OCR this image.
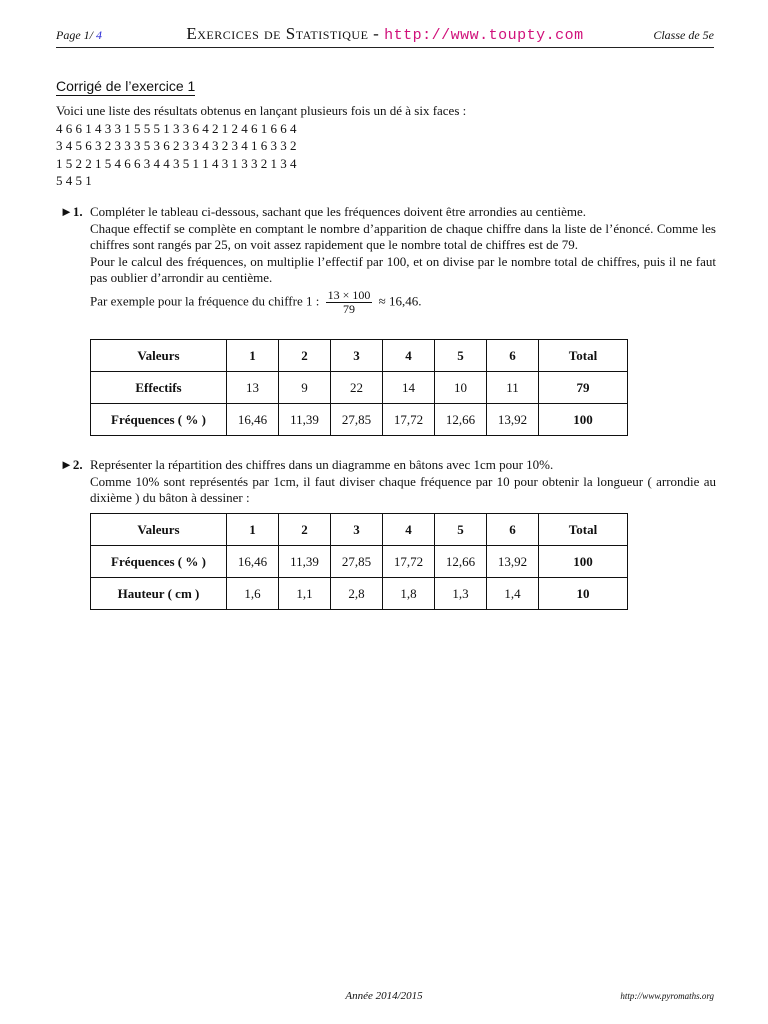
Page 1/ 4	Exercices de Statistique - http://www.toupty.com	Classe de 5e
Corrigé de l’exercice 1
Voici une liste des résultats obtenus en lançant plusieurs fois un dé à six faces :
4 6 6 1 4 3 3 1 5 5 5 1 3 3 6 4 2 1 2 4 6 1 6 6 4
3 4 5 6 3 2 3 3 3 5 3 6 2 3 3 4 3 2 3 4 1 6 3 3 2
1 5 2 2 1 5 4 6 6 3 4 4 3 5 1 1 4 3 1 3 3 2 1 3 4
5 4 5 1
►1. Compléter le tableau ci-dessous, sachant que les fréquences doivent être arrondies au centième.

Chaque effectif se complète en comptant le nombre d’apparition de chaque chiffre dans la liste de l’énoncé. Comme les chiffres sont rangés par 25, on voit assez rapidement que le nombre total de chiffres est de 79.

Pour le calcul des fréquences, on multiplie l’effectif par 100, et on divise par le nombre total de chiffres, puis il ne faut pas oublier d’arrondir au centième.

Par exemple pour la fréquence du chiffre 1 : $\frac{13 \times 100}{79} \approx 16,46$.

Valeurs	1	2	3	4	5	6	Total
Effectifs	13	9	22	14	10	11	79
Fréquences ( % )	16,46	11,39	27,85	17,72	12,66	13,92	100
►2. Représenter la répartition des chiffres dans un diagramme en bâtons avec 1cm pour 10%.

Comme 10% sont représentés par 1cm, il faut diviser chaque fréquence par 10 pour obtenir la longueur ( arrondie au dixième ) du bâton à dessiner :

Valeurs	1	2	3	4	5	6	Total
Fréquences ( % )	16,46	11,39	27,85	17,72	12,66	13,92	100
Hauteur ( cm )	1,6	1,1	2,8	1,8	1,3	1,4	10
Année 2014/2015	http://www.pyromaths.org
